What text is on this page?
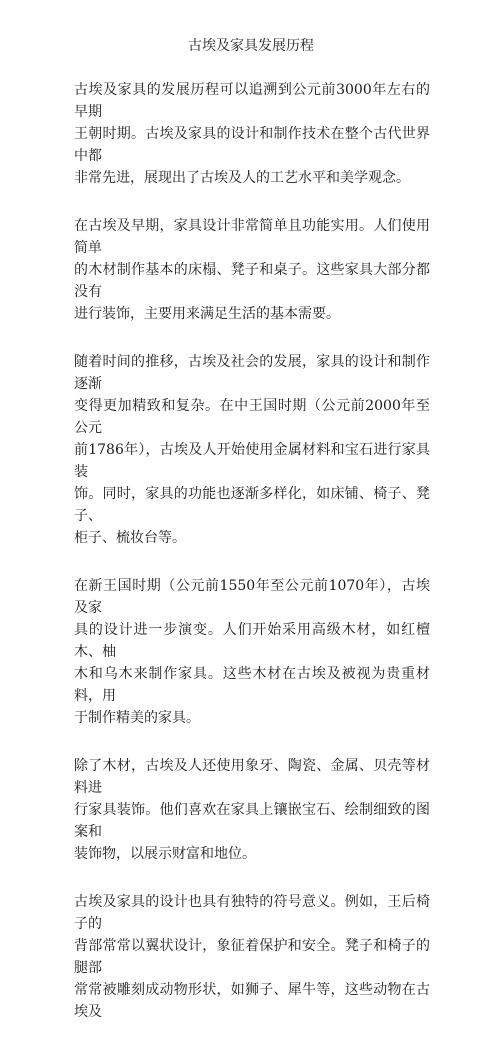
古埃及家具发展历程

古埃及家具的发展历程可以追溯到公元前3000年左右的早期
王朝时期。古埃及家具的设计和制作技术在整个古代世界中都
非常先进，展现出了古埃及人的工艺水平和美学观念。

在古埃及早期，家具设计非常简单且功能实用。人们使用简单
的木材制作基本的床榻、凳子和桌子。这些家具大部分都没有
进行装饰，主要用来满足生活的基本需要。

随着时间的推移，古埃及社会的发展，家具的设计和制作逐渐
变得更加精致和复杂。在中王国时期（公元前2000年至公元
前1786年），古埃及人开始使用金属材料和宝石进行家具装
饰。同时，家具的功能也逐渐多样化，如床铺、椅子、凳子、
柜子、梳妆台等。

在新王国时期（公元前1550年至公元前1070年），古埃及家
具的设计进一步演变。人们开始采用高级木材，如红檀木、柚
木和乌木来制作家具。这些木材在古埃及被视为贵重材料，用
于制作精美的家具。

除了木材，古埃及人还使用象牙、陶瓷、金属、贝壳等材料进
行家具装饰。他们喜欢在家具上镶嵌宝石、绘制细致的图案和
装饰物，以展示财富和地位。

古埃及家具的设计也具有独特的符号意义。例如，王后椅子的
背部常常以翼状设计，象征着保护和安全。凳子和椅子的腿部
常常被雕刻成动物形状，如狮子、犀牛等，这些动物在古埃及
